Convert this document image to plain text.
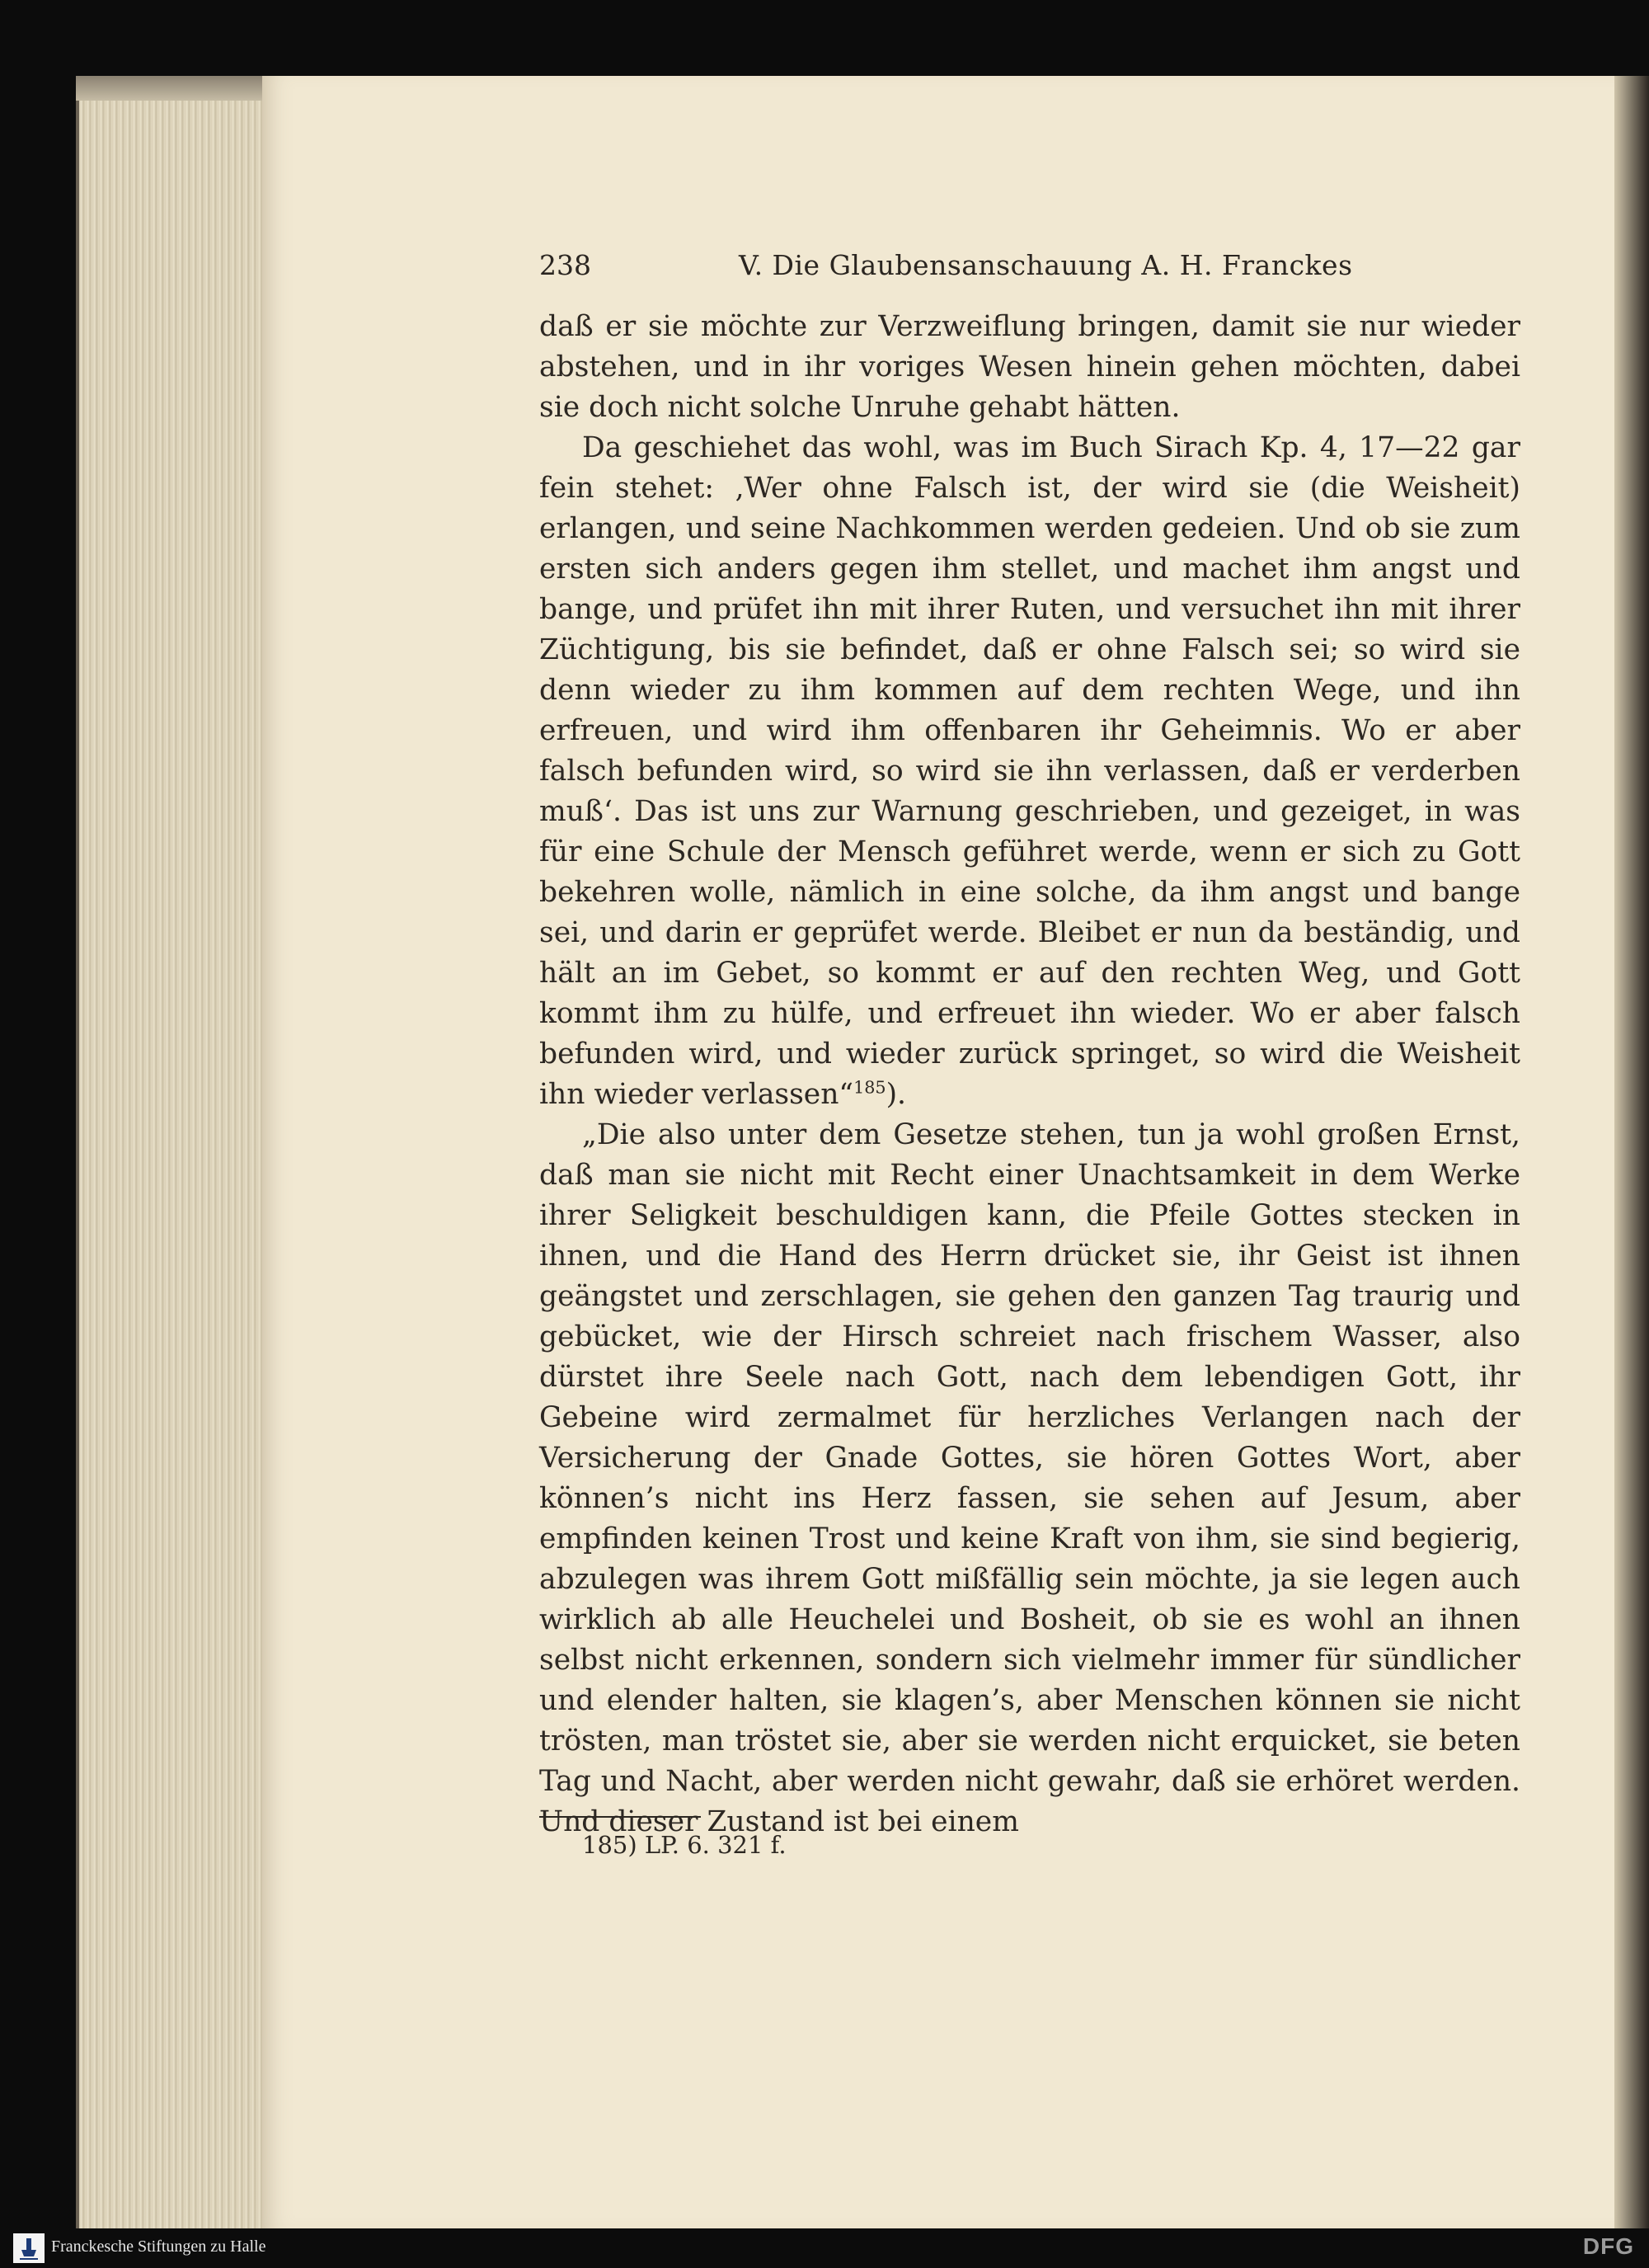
238	V. Die Glaubensanschauung A. H. Franckes

daß er sie möchte zur Verzweiflung bringen, damit sie nur wieder abstehen, und in ihr voriges Wesen hinein gehen möchten, dabei sie doch nicht solche Unruhe gehabt hätten.

Da geschiehet das wohl, was im Buch Sirach Kp. 4, 17—22 gar fein stehet: ‚Wer ohne Falsch ist, der wird sie (die Weisheit) erlangen, und seine Nachkommen werden gedeien. Und ob sie zum ersten sich anders gegen ihm stellet, und machet ihm angst und bange, und prüfet ihn mit ihrer Ruten, und versuchet ihn mit ihrer Züchtigung, bis sie befindet, daß er ohne Falsch sei; so wird sie denn wieder zu ihm kommen auf dem rechten Wege, und ihn erfreuen, und wird ihm offenbaren ihr Geheimnis. Wo er aber falsch befunden wird, so wird sie ihn verlassen, daß er verderben muß‘. Das ist uns zur Warnung geschrieben, und gezeiget, in was für eine Schule der Mensch geführet werde, wenn er sich zu Gott bekehren wolle, nämlich in eine solche, da ihm angst und bange sei, und darin er geprüfet werde. Bleibet er nun da beständig, und hält an im Gebet, so kommt er auf den rechten Weg, und Gott kommt ihm zu hülfe, und erfreuet ihn wieder. Wo er aber falsch befunden wird, und wieder zurück springet, so wird die Weisheit ihn wieder verlassen“$^{185}$).

„Die also unter dem Gesetze stehen, tun ja wohl großen Ernst, daß man sie nicht mit Recht einer Unachtsamkeit in dem Werke ihrer Seligkeit beschuldigen kann, die Pfeile Gottes stecken in ihnen, und die Hand des Herrn drücket sie, ihr Geist ist ihnen geängstet und zerschlagen, sie gehen den ganzen Tag traurig und gebücket, wie der Hirsch schreiet nach frischem Wasser, also dürstet ihre Seele nach Gott, nach dem lebendigen Gott, ihr Gebeine wird zermalmet für herzliches Verlangen nach der Versicherung der Gnade Gottes, sie hören Gottes Wort, aber können’s nicht ins Herz fassen, sie sehen auf Jesum, aber empfinden keinen Trost und keine Kraft von ihm, sie sind begierig, abzulegen was ihrem Gott mißfällig sein möchte, ja sie legen auch wirklich ab alle Heuchelei und Bosheit, ob sie es wohl an ihnen selbst nicht erkennen, sondern sich vielmehr immer für sündlicher und elender halten, sie klagen’s, aber Menschen können sie nicht trösten, man tröstet sie, aber sie werden nicht erquicket, sie beten Tag und Nacht, aber werden nicht gewahr, daß sie erhöret werden. Und dieser Zustand ist bei einem

185) LP. 6. 321 f.
Franckesche Stiftungen zu Halle	DFG
